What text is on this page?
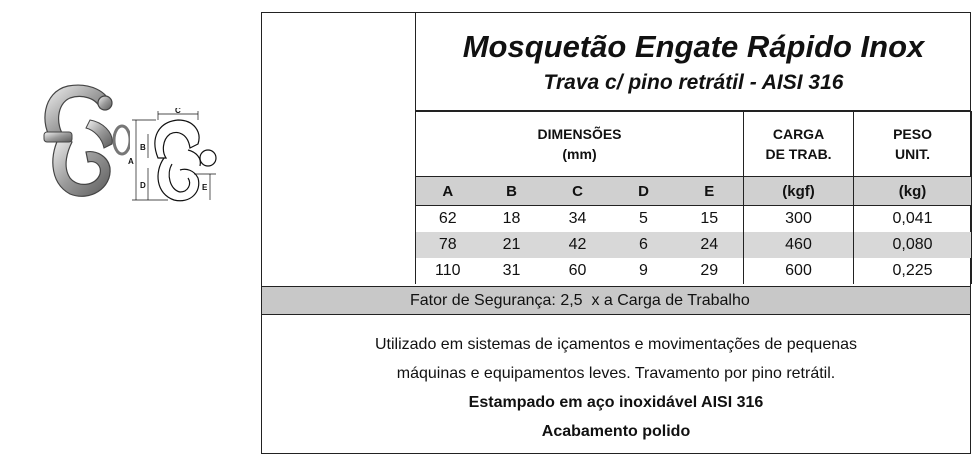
C
A
B
D	E
Mosquetão Engate Rápido Inox
Trava c/ pino retrátil - AISI 316
DIMENSÕES
(mm)					CARGA
DE TRAB.	PESO
UNIT.
A	B	C	D	E	(kgf)	(kg)
62	18	34	5	15	300	0,041
78	21	42	6	24	460	0,080
110	31	60	9	29	600	0,225
Fator de Segurança: 2,5  x a Carga de Trabalho
Utilizado em sistemas de içamentos e movimentações de pequenas
máquinas e equipamentos leves. Travamento por pino retrátil.
Estampado em aço inoxidável AISI 316
Acabamento polido
